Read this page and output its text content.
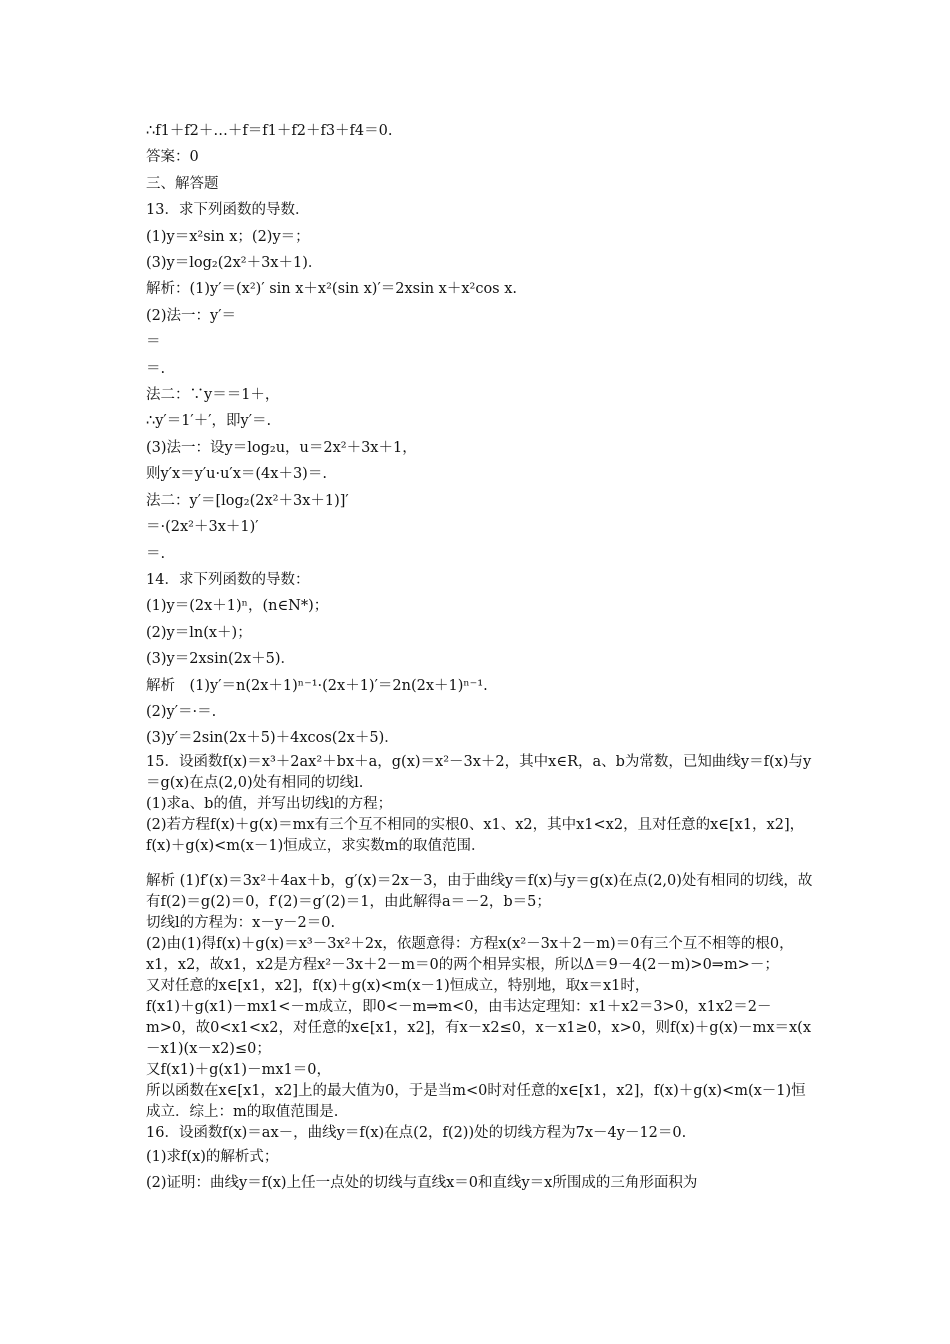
∴f1＋f2＋…＋f＝f1＋f2＋f3＋f4＝0.
答案：0
三、解答题
13．求下列函数的导数．
(1)y＝x²sin x；(2)y＝；
(3)y＝log₂(2x²＋3x＋1)．
解析：(1)y′＝(x²)′ sin x＋x²(sin x)′＝2xsin x＋x²cos x.
(2)法一：y′＝
＝
＝.
法二：∵y＝＝1＋，
∴y′＝1′＋′，即y′＝.
(3)法一：设y＝log₂u，u＝2x²＋3x＋1，
则y′x＝y′u·u′x＝(4x＋3)＝.
法二：y′＝[log₂(2x²＋3x＋1)]′
＝·(2x²＋3x＋1)′
＝.
14．求下列函数的导数：
(1)y＝(2x＋1)ⁿ，(n∈N*)；
(2)y＝ln(x＋)；
(3)y＝2xsin(2x＋5)．
解析　(1)y′＝n(2x＋1)ⁿ⁻¹·(2x＋1)′＝2n(2x＋1)ⁿ⁻¹.
(2)y′＝·＝.
(3)y′＝2sin(2x＋5)＋4xcos(2x＋5)．
15．设函数f(x)＝x³＋2ax²＋bx＋a，g(x)＝x²－3x＋2，其中x∈R，a、b为常数，已知曲线y＝f(x)与y＝g(x)在点(2,0)处有相同的切线l.
(1)求a、b的值，并写出切线l的方程；
(2)若方程f(x)＋g(x)＝mx有三个互不相同的实根0、x1、x2，其中x1<x2，且对任意的x∈[x1，x2]，f(x)＋g(x)<m(x－1)恒成立，求实数m的取值范围．
解析 (1)f′(x)＝3x²＋4ax＋b，g′(x)＝2x－3，由于曲线y＝f(x)与y＝g(x)在点(2,0)处有相同的切线，故有f(2)＝g(2)＝0，f′(2)＝g′(2)＝1，由此解得a＝－2，b＝5；
切线l的方程为：x－y－2＝0.
(2)由(1)得f(x)＋g(x)＝x³－3x²＋2x，依题意得：方程x(x²－3x＋2－m)＝0有三个互不相等的根0，x1，x2，故x1，x2是方程x²－3x＋2－m＝0的两个相异实根，所以Δ＝9－4(2－m)>0⇒m>－；
又对任意的x∈[x1，x2]，f(x)＋g(x)<m(x－1)恒成立，特别地，取x＝x1时，
f(x1)＋g(x1)－mx1<－m成立，即0<－m⇒m<0，由韦达定理知：x1＋x2＝3>0，x1x2＝2－m>0，故0<x1<x2，对任意的x∈[x1，x2]，有x－x2≤0，x－x1≥0，x>0，则f(x)＋g(x)－mx＝x(x－x1)(x－x2)≤0；
又f(x1)＋g(x1)－mx1＝0，
所以函数在x∈[x1，x2]上的最大值为0，于是当m<0时对任意的x∈[x1，x2]，f(x)＋g(x)<m(x－1)恒成立．综上：m的取值范围是.
16．设函数f(x)＝ax－，曲线y＝f(x)在点(2，f(2))处的切线方程为7x－4y－12＝0.
(1)求f(x)的解析式；
(2)证明：曲线y＝f(x)上任一点处的切线与直线x＝0和直线y＝x所围成的三角形面积为
